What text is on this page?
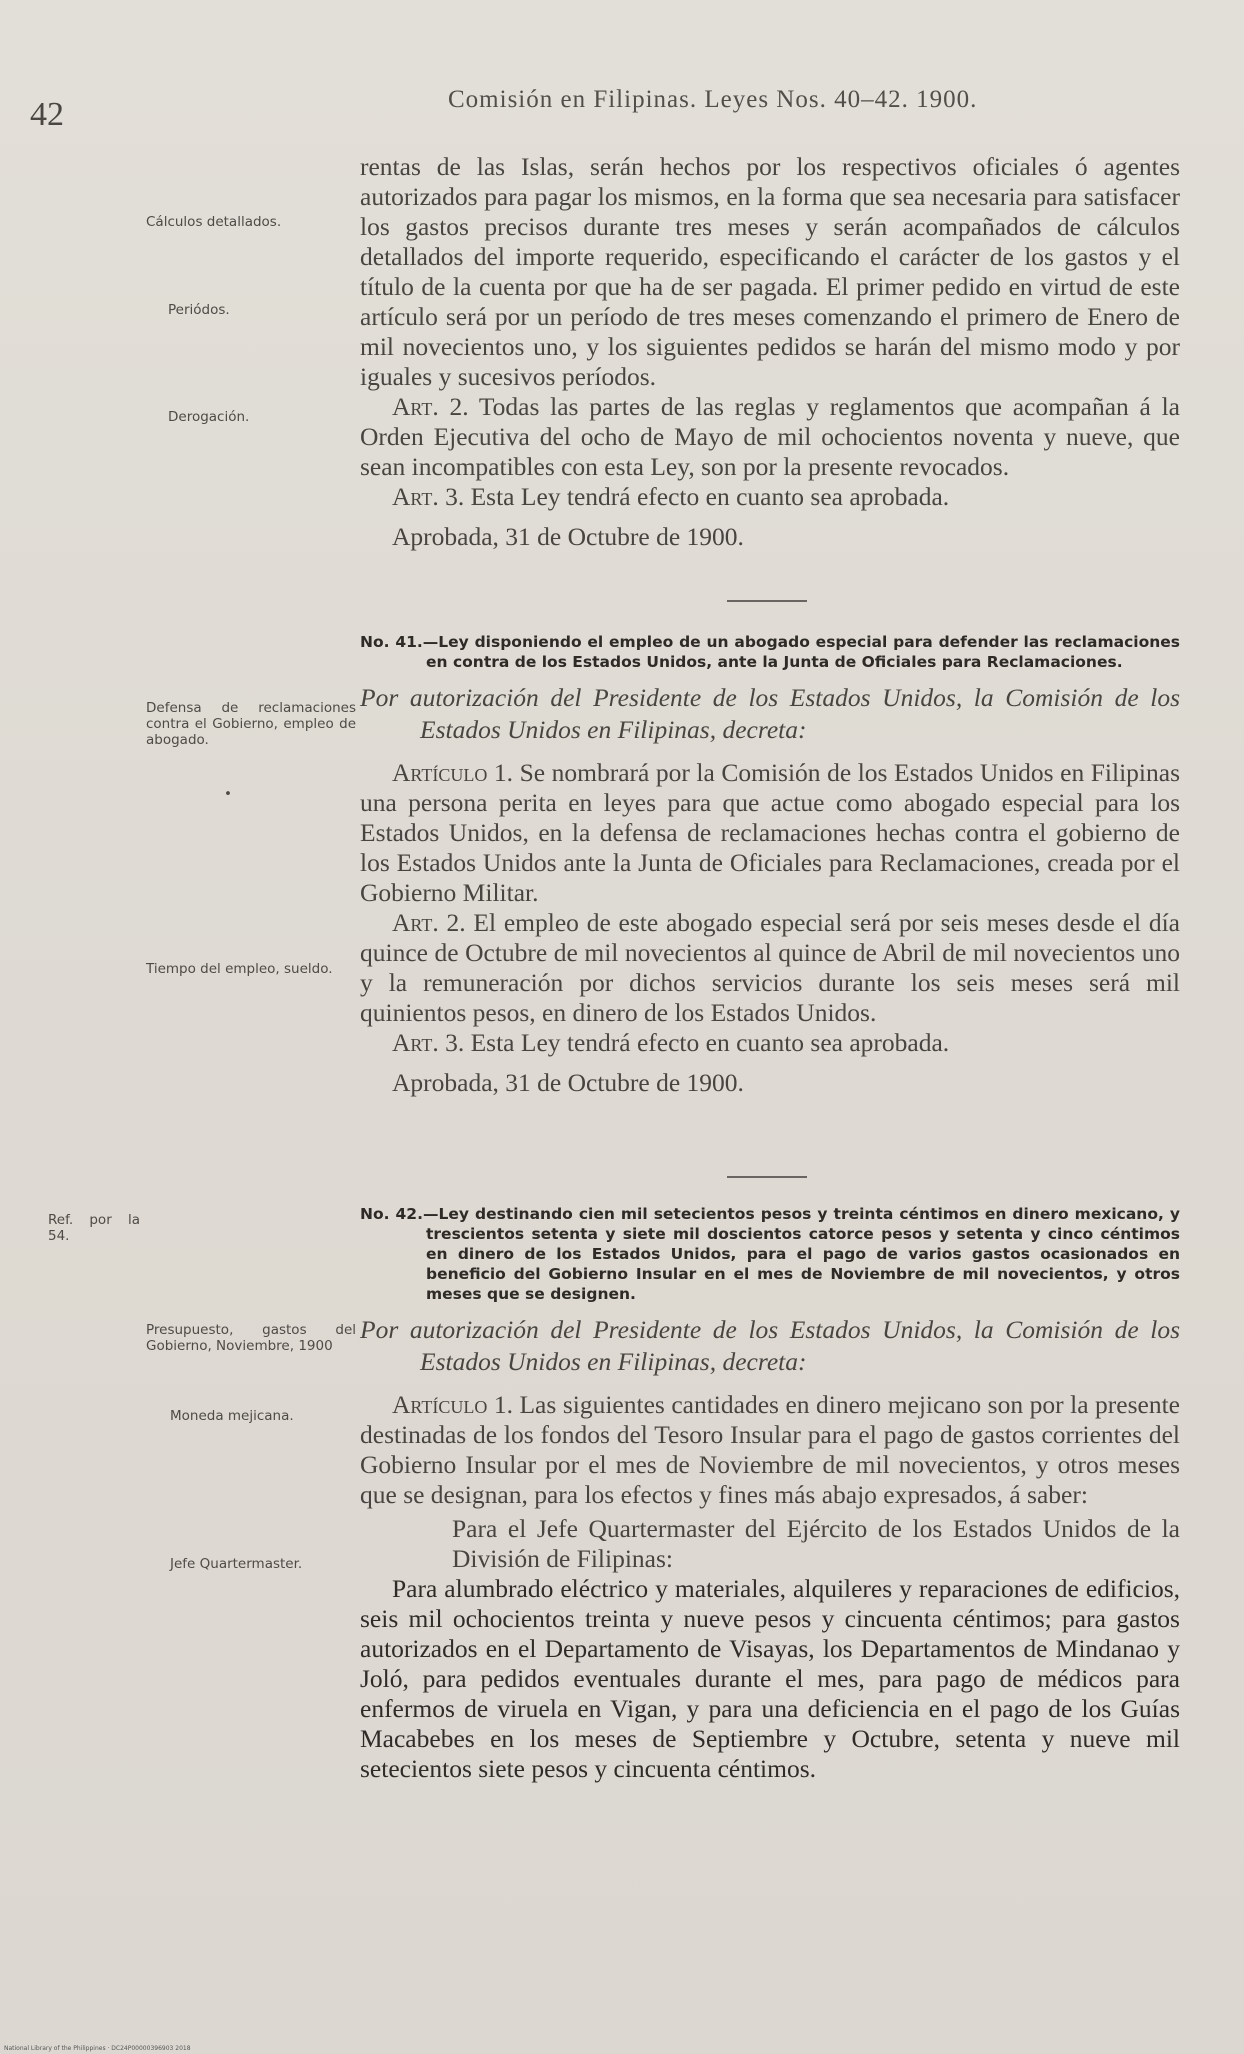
42	Comisión en Filipinas. Leyes Nos. 40–42. 1900.
Cálculos detallados.
Periódos.
Derogación.
Defensa de reclamaciones contra el Gobierno, empleo de abogado.
•
Tiempo del empleo, sueldo.
Ref. por la 54.
Presupuesto, gastos del Gobierno, Noviembre, 1900
Moneda mejicana.
Jefe Quartermaster.

rentas de las Islas, serán hechos por los respectivos oficiales ó agentes autorizados para pagar los mismos, en la forma que sea necesaria para satisfacer los gastos precisos durante tres meses y serán acompañados de cálculos detallados del importe requerido, especificando el carácter de los gastos y el título de la cuenta por que ha de ser pagada. El primer pedido en virtud de este artículo será por un período de tres meses comenzando el primero de Enero de mil novecientos uno, y los siguientes pedidos se harán del mismo modo y por iguales y sucesivos períodos.

Art. 2. Todas las partes de las reglas y reglamentos que acompañan á la Orden Ejecutiva del ocho de Mayo de mil ochocientos noventa y nueve, que sean incompatibles con esta Ley, son por la presente revocados.

Art. 3. Esta Ley tendrá efecto en cuanto sea aprobada.

Aprobada, 31 de Octubre de 1900.

No. 41.—Ley disponiendo el empleo de un abogado especial para defender las reclamaciones en contra de los Estados Unidos, ante la Junta de Oficiales para Reclamaciones.

Por autorización del Presidente de los Estados Unidos, la Comisión de los Estados Unidos en Filipinas, decreta:

Artículo 1. Se nombrará por la Comisión de los Estados Unidos en Filipinas una persona perita en leyes para que actue como abogado especial para los Estados Unidos, en la defensa de reclamaciones hechas contra el gobierno de los Estados Unidos ante la Junta de Oficiales para Reclamaciones, creada por el Gobierno Militar.

Art. 2. El empleo de este abogado especial será por seis meses desde el día quince de Octubre de mil novecientos al quince de Abril de mil novecientos uno y la remuneración por dichos servicios durante los seis meses será mil quinientos pesos, en dinero de los Estados Unidos.

Art. 3. Esta Ley tendrá efecto en cuanto sea aprobada.

Aprobada, 31 de Octubre de 1900.

No. 42.—Ley destinando cien mil setecientos pesos y treinta céntimos en dinero mexicano, y trescientos setenta y siete mil doscientos catorce pesos y setenta y cinco céntimos en dinero de los Estados Unidos, para el pago de varios gastos ocasionados en beneficio del Gobierno Insular en el mes de Noviembre de mil novecientos, y otros meses que se designen.

Por autorización del Presidente de los Estados Unidos, la Comisión de los Estados Unidos en Filipinas, decreta:

Artículo 1. Las siguientes cantidades en dinero mejicano son por la presente destinadas de los fondos del Tesoro Insular para el pago de gastos corrientes del Gobierno Insular por el mes de Noviembre de mil novecientos, y otros meses que se designan, para los efectos y fines más abajo expresados, á saber:

Para el Jefe Quartermaster del Ejército de los Estados Unidos de la División de Filipinas:

Para alumbrado eléctrico y materiales, alquileres y reparaciones de edificios, seis mil ochocientos treinta y nueve pesos y cincuenta céntimos; para gastos autorizados en el Departamento de Visayas, los Departamentos de Mindanao y Joló, para pedidos eventuales durante el mes, para pago de médicos para enfermos de viruela en Vigan, y para una deficiencia en el pago de los Guías Macabebes en los meses de Septiembre y Octubre, setenta y nueve mil setecientos siete pesos y cincuenta céntimos.

National Library of the Philippines · DC24P00000396903 2018
